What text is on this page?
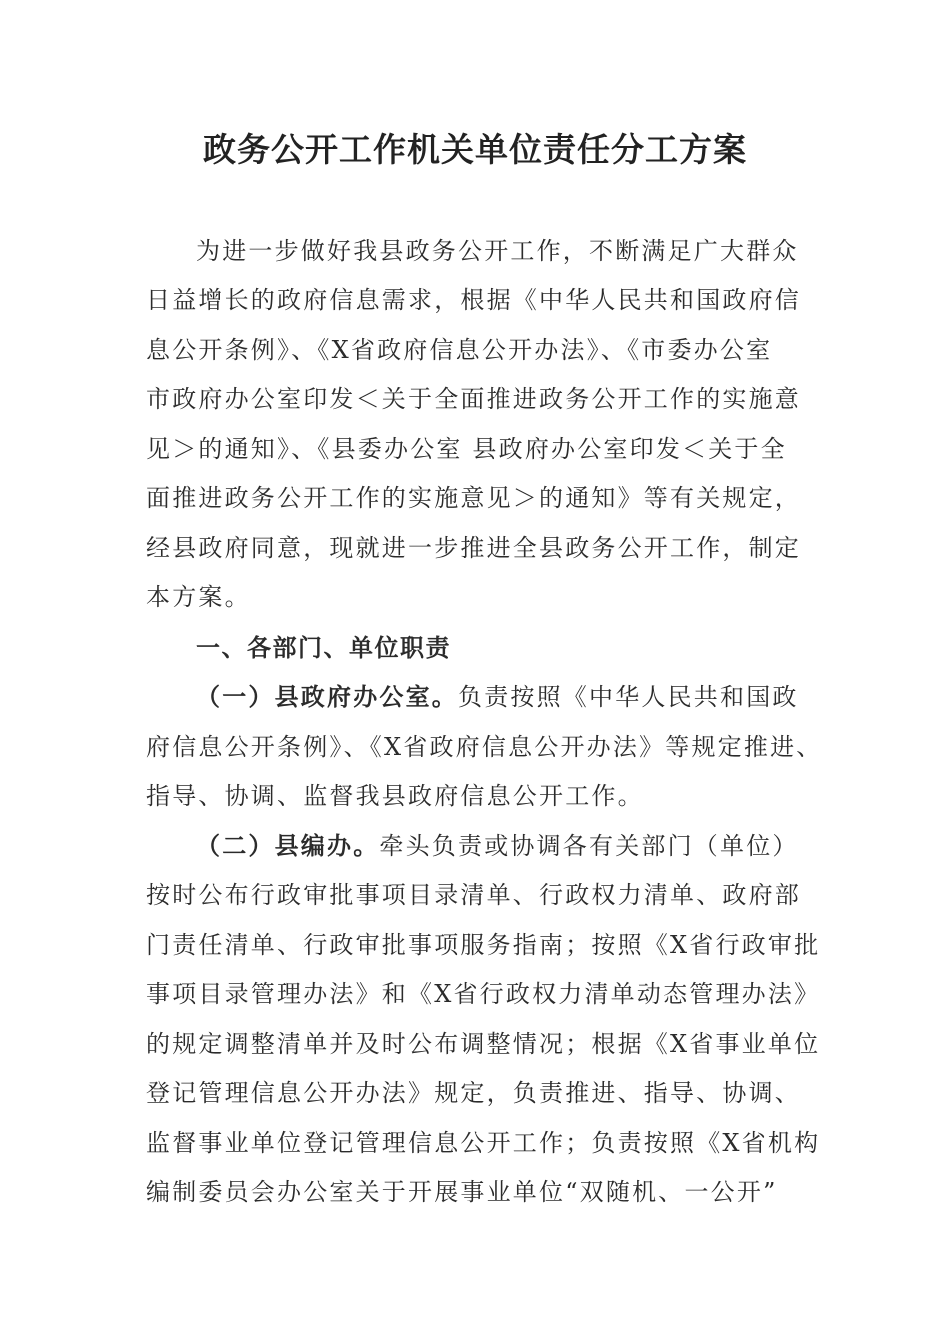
政务公开工作机关单位责任分工方案
为进一步做好我县政务公开工作，不断满足广大群众
日益增长的政府信息需求，根据《中华人民共和国政府信
息公开条例》、《X省政府信息公开办法》、《市委办公室
市政府办公室印发＜关于全面推进政务公开工作的实施意
见＞的通知》、《县委办公室 县政府办公室印发＜关于全
面推进政务公开工作的实施意见＞的通知》等有关规定，
经县政府同意，现就进一步推进全县政务公开工作，制定
本方案。
一、各部门、单位职责
（一）县政府办公室。负责按照《中华人民共和国政
府信息公开条例》、《X省政府信息公开办法》等规定推进、
指导、协调、监督我县政府信息公开工作。
（二）县编办。牵头负责或协调各有关部门（单位）
按时公布行政审批事项目录清单、行政权力清单、政府部
门责任清单、行政审批事项服务指南；按照《X省行政审批
事项目录管理办法》和《X省行政权力清单动态管理办法》
的规定调整清单并及时公布调整情况；根据《X省事业单位
登记管理信息公开办法》规定，负责推进、指导、协调、
监督事业单位登记管理信息公开工作；负责按照《X省机构
编制委员会办公室关于开展事业单位“双随机、一公开”
